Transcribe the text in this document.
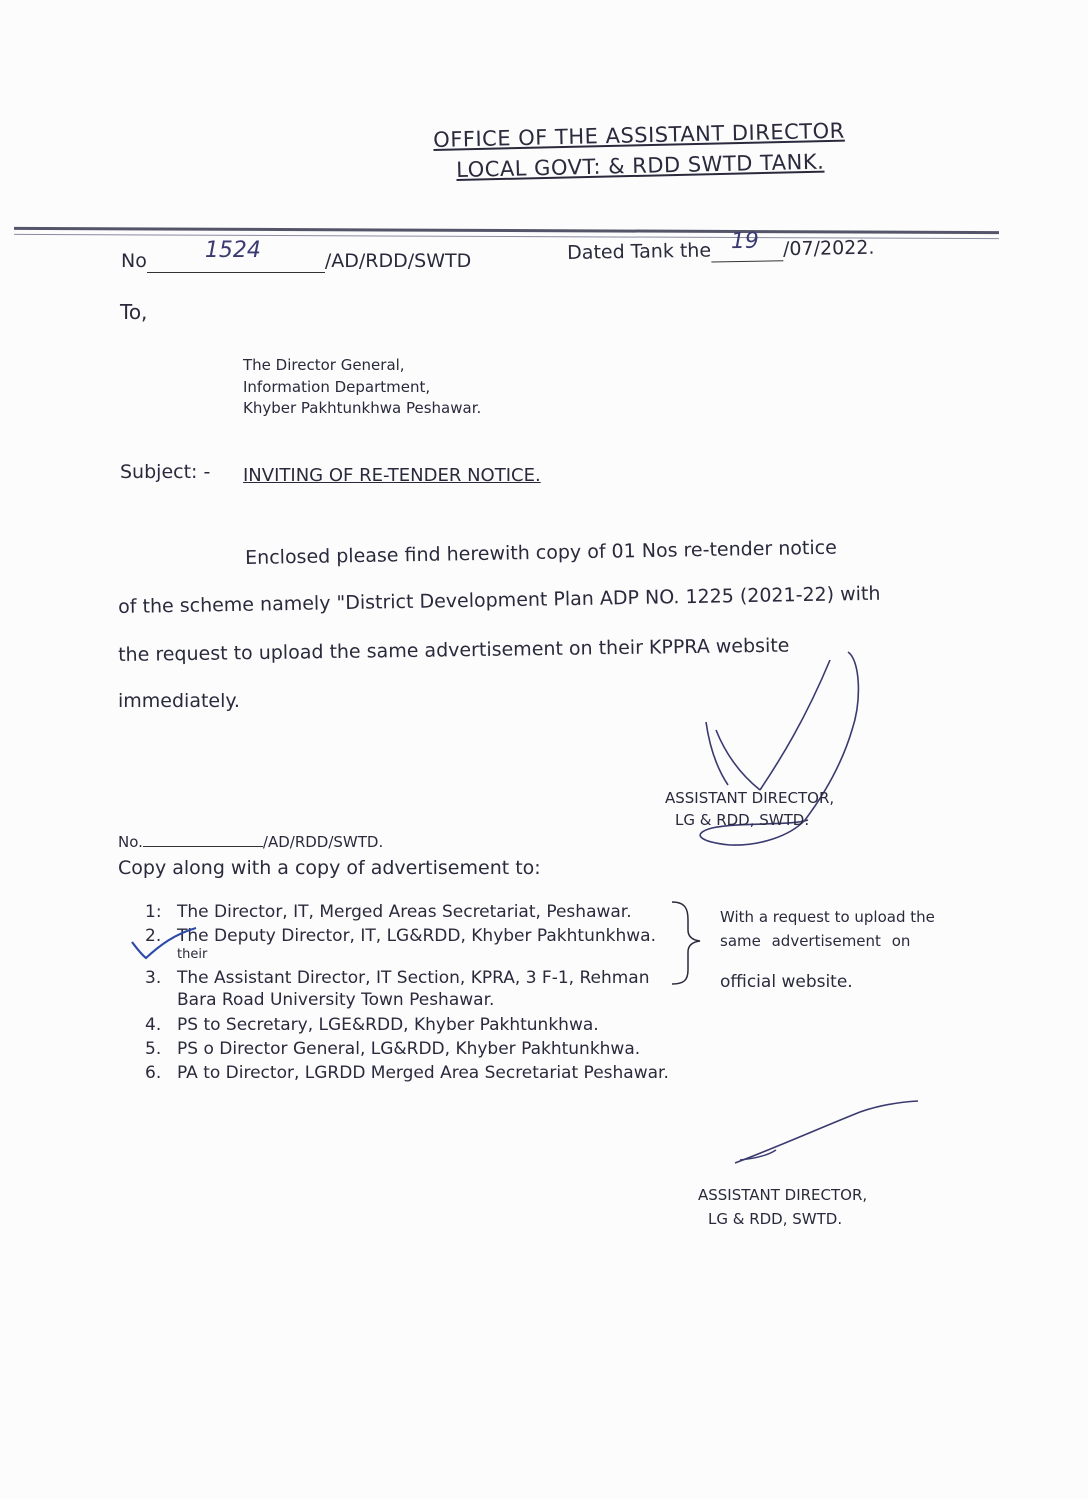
OFFICE OF THE ASSISTANT DIRECTOR
LOCAL GOVT: & RDD SWTD TANK.
No	1524	/AD/RDD/SWTD	Dated Tank the 19 /07/2022.
To,
The Director General,
Information Department,
Khyber Pakhtunkhwa Peshawar.
Subject: - INVITING OF RE-TENDER NOTICE.
Enclosed please find herewith copy of 01 Nos re-tender notice
of the scheme namely "District Development Plan ADP NO. 1225 (2021-22) with
the request to upload the same advertisement on their KPPRA website
immediately.
ASSISTANT DIRECTOR,
LG & RDD, SWTD.
No.	/AD/RDD/SWTD.
Copy along with a copy of advertisement to:
1: The Director, IT, Merged Areas Secretariat, Peshawar.
2. The Deputy Director, IT, LG&RDD, Khyber Pakhtunkhwa.
their
3. The Assistant Director, IT Section, KPRA, 3 F-1, Rehman
Bara Road University Town Peshawar.
4. PS to Secretary, LGE&RDD, Khyber Pakhtunkhwa.
5. PS o Director General, LG&RDD, Khyber Pakhtunkhwa.
6. PA to Director, LGRDD Merged Area Secretariat Peshawar.
With a request to upload the
same advertisement on
official website.
ASSISTANT DIRECTOR,
LG & RDD, SWTD.
